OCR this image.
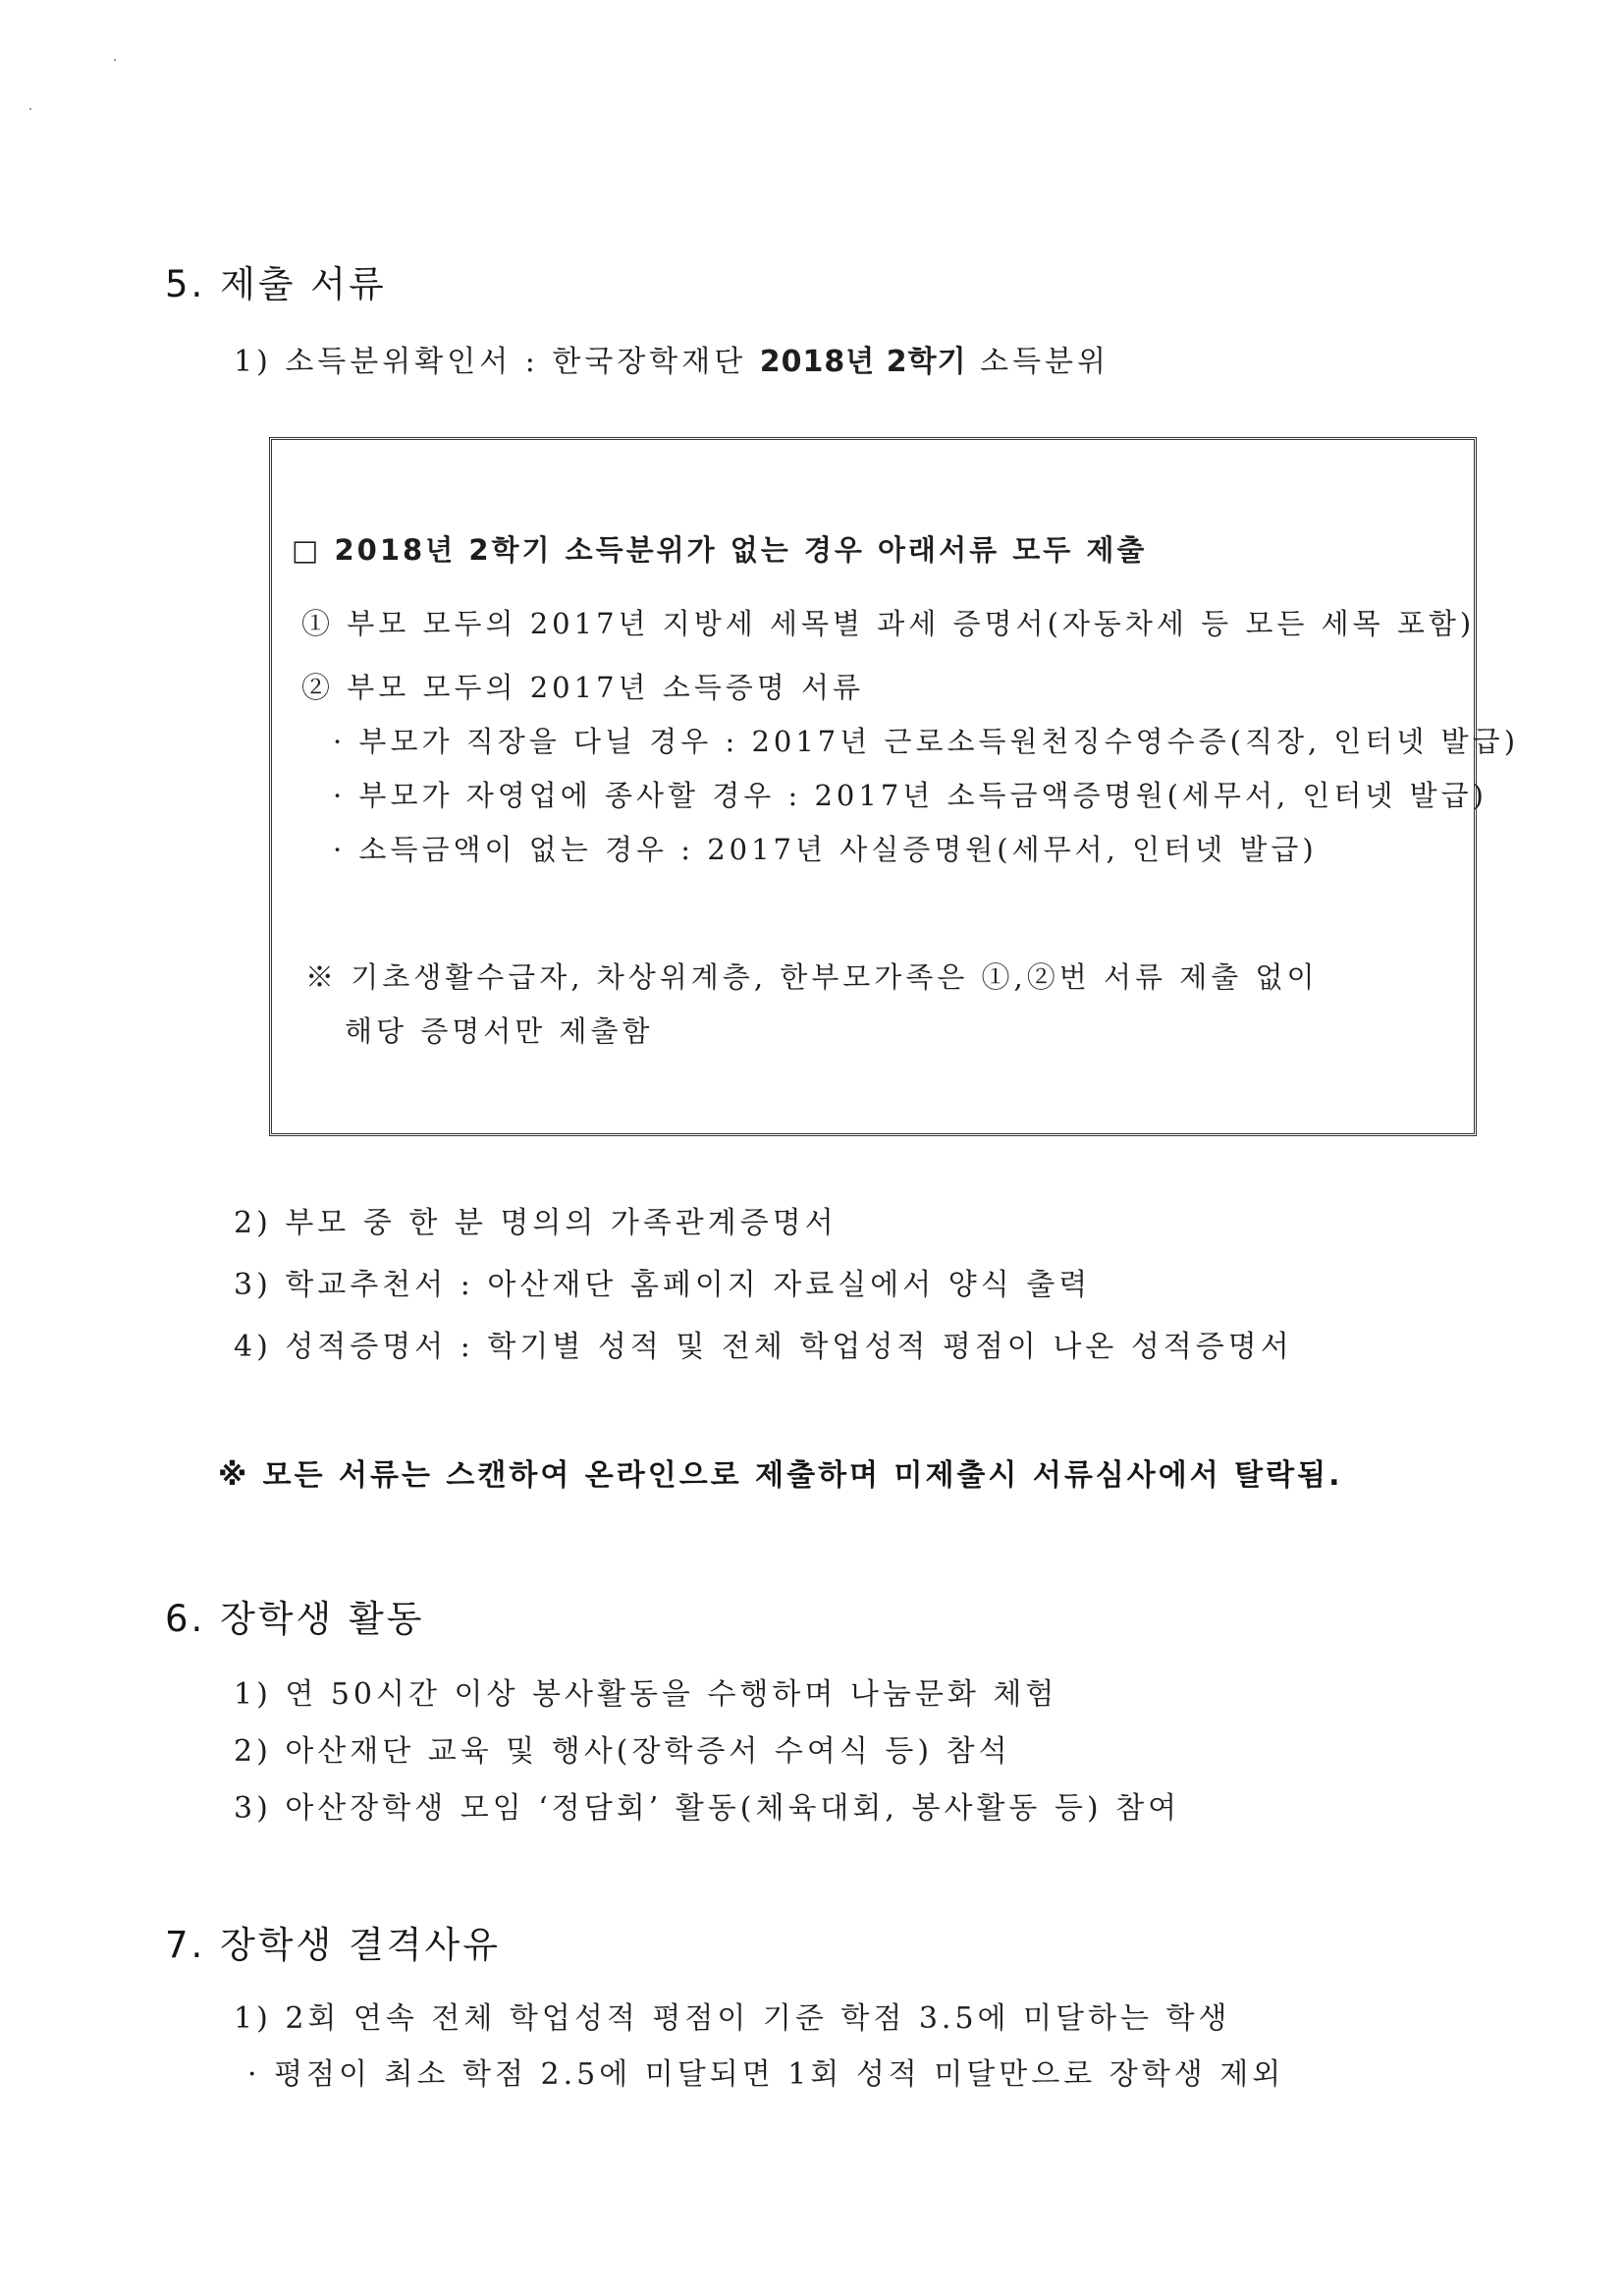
5. 제출 서류

1) 소득분위확인서 : 한국장학재단 2018년 2학기 소득분위

□ 2018년 2학기 소득분위가 없는 경우 아래서류 모두 제출

① 부모 모두의 2017년 지방세 세목별 과세 증명서(자동차세 등 모든 세목 포함)

② 부모 모두의 2017년 소득증명 서류

· 부모가 직장을 다닐 경우 : 2017년 근로소득원천징수영수증(직장, 인터넷 발급)

· 부모가 자영업에 종사할 경우 : 2017년 소득금액증명원(세무서, 인터넷 발급)

· 소득금액이 없는 경우 : 2017년 사실증명원(세무서, 인터넷 발급)

※ 기초생활수급자, 차상위계층, 한부모가족은 ①,②번 서류 제출 없이

해당 증명서만 제출함

2) 부모 중 한 분 명의의 가족관계증명서

3) 학교추천서 : 아산재단 홈페이지 자료실에서 양식 출력

4) 성적증명서 : 학기별 성적 및 전체 학업성적 평점이 나온 성적증명서

※ 모든 서류는 스캔하여 온라인으로 제출하며 미제출시 서류심사에서 탈락됨.

6. 장학생 활동

1) 연 50시간 이상 봉사활동을 수행하며 나눔문화 체험

2) 아산재단 교육 및 행사(장학증서 수여식 등) 참석

3) 아산장학생 모임 ‘정담회’ 활동(체육대회, 봉사활동 등) 참여

7. 장학생 결격사유

1) 2회 연속 전체 학업성적 평점이 기준 학점 3.5에 미달하는 학생

· 평점이 최소 학점 2.5에 미달되면 1회 성적 미달만으로 장학생 제외
